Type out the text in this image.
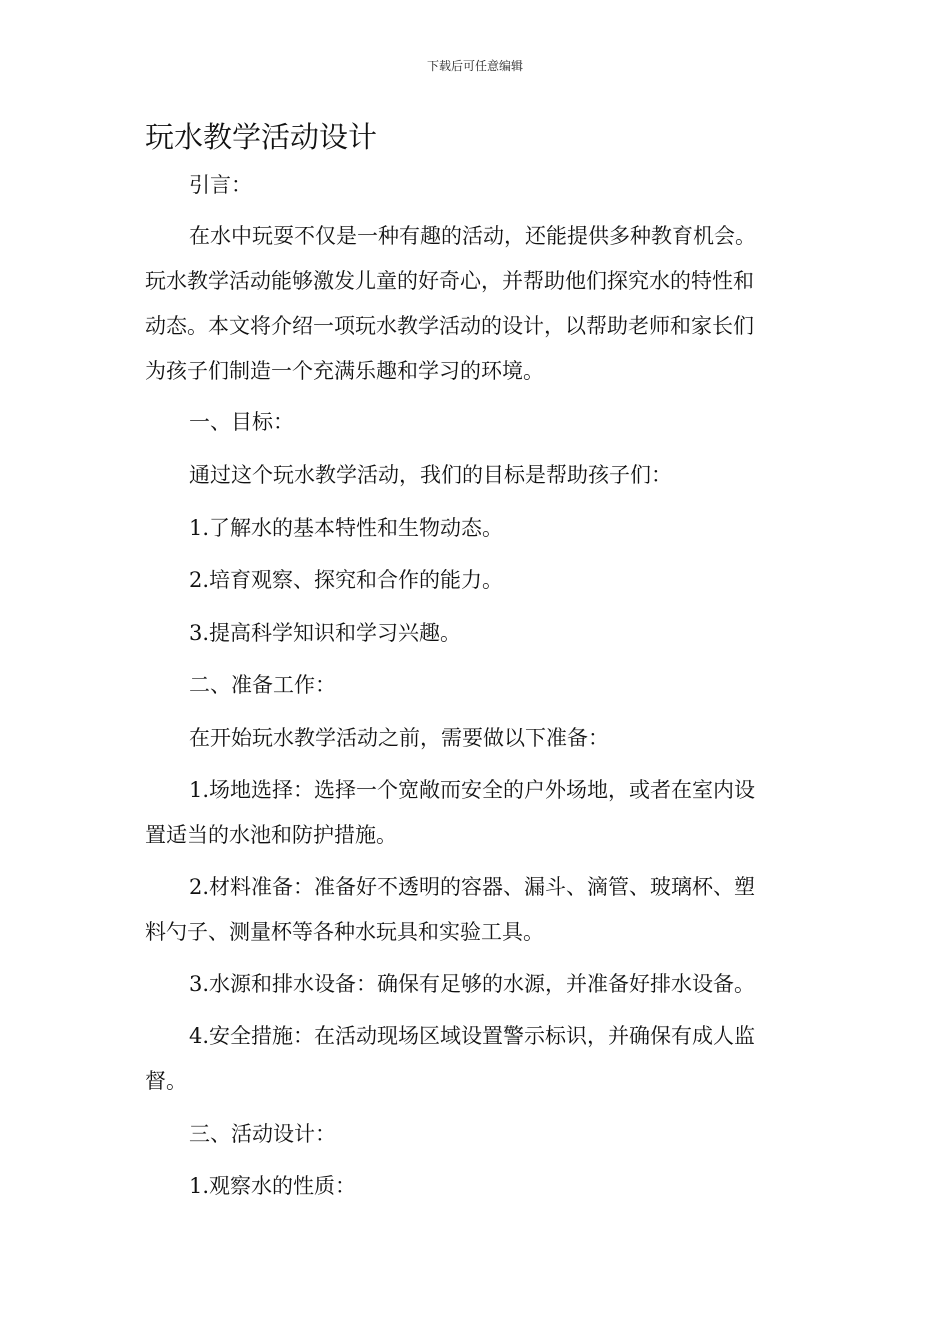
下载后可任意编辑
玩水教学活动设计

引言：

在水中玩耍不仅是一种有趣的活动，还能提供多种教育机会。

玩水教学活动能够激发儿童的好奇心，并帮助他们探究水的特性和

动态。本文将介绍一项玩水教学活动的设计，以帮助老师和家长们

为孩子们制造一个充满乐趣和学习的环境。

一、目标：

通过这个玩水教学活动，我们的目标是帮助孩子们：

1.了解水的基本特性和生物动态。

2.培育观察、探究和合作的能力。

3.提高科学知识和学习兴趣。

二、准备工作：

在开始玩水教学活动之前，需要做以下准备：

1.场地选择：选择一个宽敞而安全的户外场地，或者在室内设

置适当的水池和防护措施。

2.材料准备：准备好不透明的容器、漏斗、滴管、玻璃杯、塑

料勺子、测量杯等各种水玩具和实验工具。

3.水源和排水设备：确保有足够的水源，并准备好排水设备。

4.安全措施：在活动现场区域设置警示标识，并确保有成人监

督。

三、活动设计：

1.观察水的性质：
